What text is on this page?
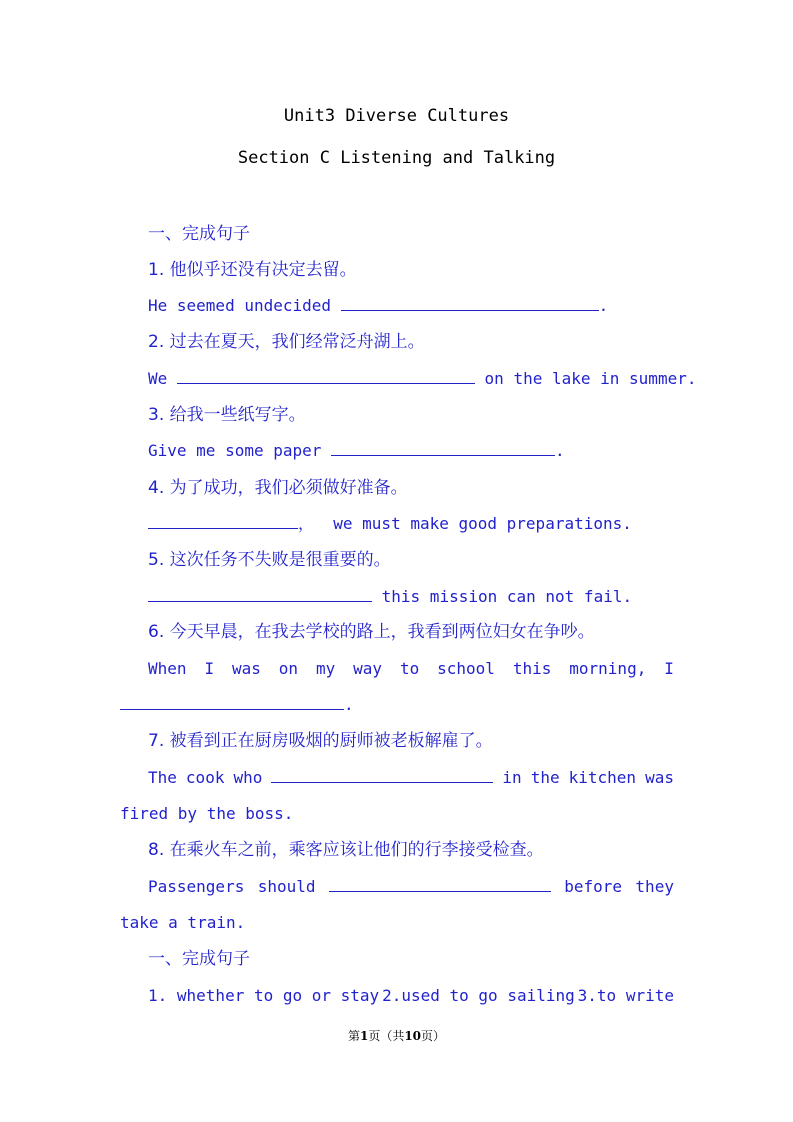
Unit3 Diverse Cultures
Section C Listening and Talking
一、完成句子
1. 他似乎还没有决定去留。
He seemed undecided	.
2. 过去在夏天，我们经常泛舟湖上。
We	on the lake in summer.
3. 给我一些纸写字。
Give me some paper	.
4. 为了成功，我们必须做好准备。
，  we must make good preparations.
5. 这次任务不失败是很重要的。
this mission can not fail.
6. 今天早晨，在我去学校的路上，我看到两位妇女在争吵。
When I was on my way to school this morning, I
.
7. 被看到正在厨房吸烟的厨师被老板解雇了。
The cook who	in the kitchen was
fired by the boss.
8. 在乘火车之前，乘客应该让他们的行李接受检查。
Passengers should	before they
take a train.
一、完成句子
1. whether to go or stay 2.used to go sailing 3.to write
第1页（共10页）
